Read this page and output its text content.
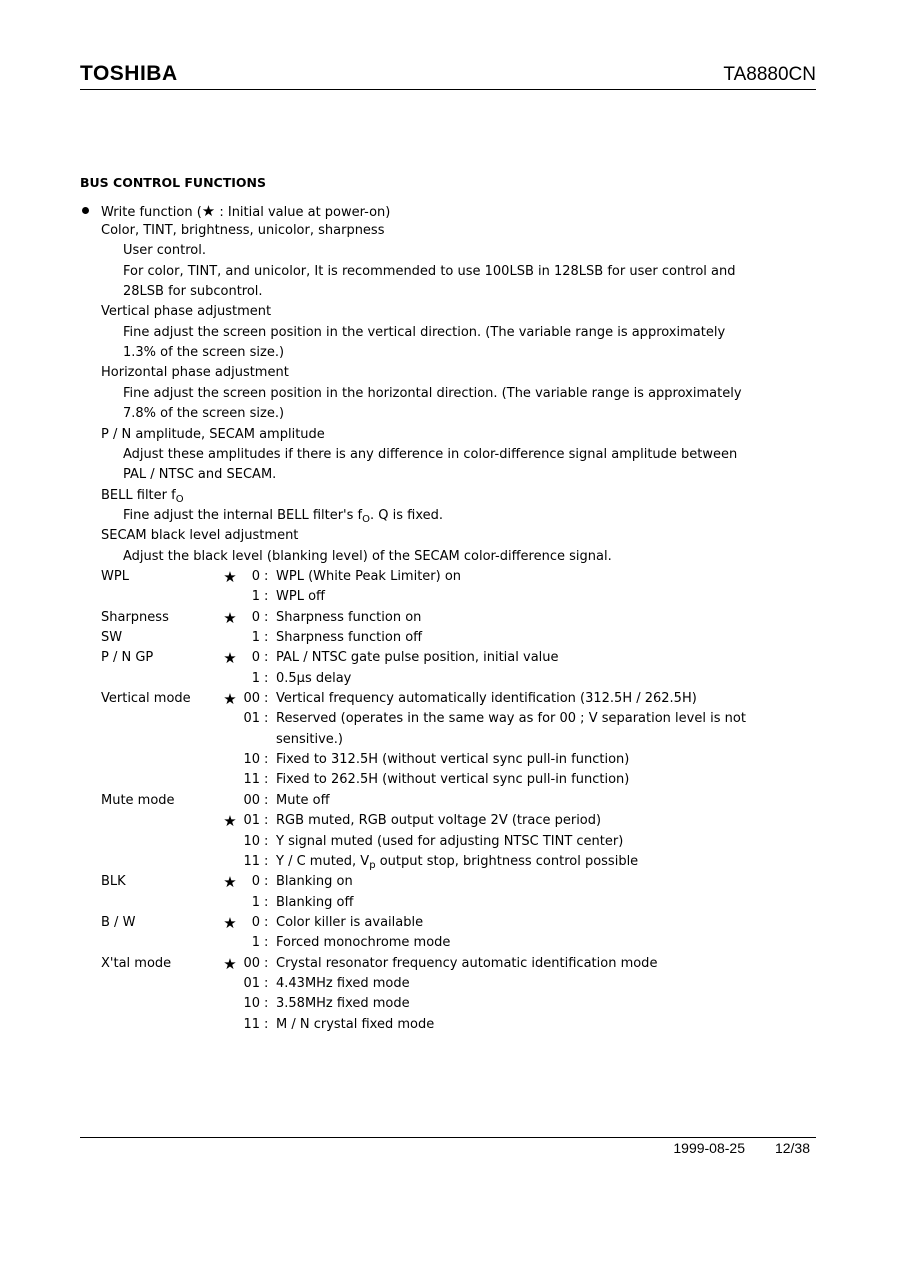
TOSHIBA	TA8880CN
BUS CONTROL FUNCTIONS
Write function (★ : Initial value at power-on)
Color, TINT, brightness, unicolor, sharpness
User control.
For color, TINT, and unicolor, It is recommended to use 100LSB in 128LSB for user control and
28LSB for subcontrol.
Vertical phase adjustment
Fine adjust the screen position in the vertical direction. (The variable range is approximately
1.3% of the screen size.)
Horizontal phase adjustment
Fine adjust the screen position in the horizontal direction. (The variable range is approximately
7.8% of the screen size.)
P / N amplitude, SECAM amplitude
Adjust these amplitudes if there is any difference in color-difference signal amplitude between
PAL / NTSC and SECAM.
BELL filter $f_O$
Fine adjust the internal BELL filter's $f_O$. Q is fixed.
SECAM black level adjustment
Adjust the black level (blanking level) of the SECAM color-difference signal.
WPL	★	0 : WPL (White Peak Limiter) on
1 : WPL off
Sharpness	★	0 : Sharpness function on
SW	1 : Sharpness function off
P / N GP	★	0 : PAL / NTSC gate pulse position, initial value
1 : 0.5μs delay
Vertical mode ★ 00 : Vertical frequency automatically identification (312.5H / 262.5H)
01 : Reserved (operates in the same way as for 00 ; V separation level is not
sensitive.)
10 : Fixed to 312.5H (without vertical sync pull-in function)
11 : Fixed to 262.5H (without vertical sync pull-in function)
Mute mode	00 : Mute off
★ 01 : RGB muted, RGB output voltage 2V (trace period)
10 : Y signal muted (used for adjusting NTSC TINT center)
11 : Y / C muted, $V_p$ output stop, brightness control possible
BLK	★	0 : Blanking on
1 : Blanking off
B / W	★	0 : Color killer is available
1 : Forced monochrome mode
X'tal mode	★ 00 : Crystal resonator frequency automatic identification mode
01 : 4.43MHz fixed mode
10 : 3.58MHz fixed mode
11 : M / N crystal fixed mode
1999-08-25 12/38
